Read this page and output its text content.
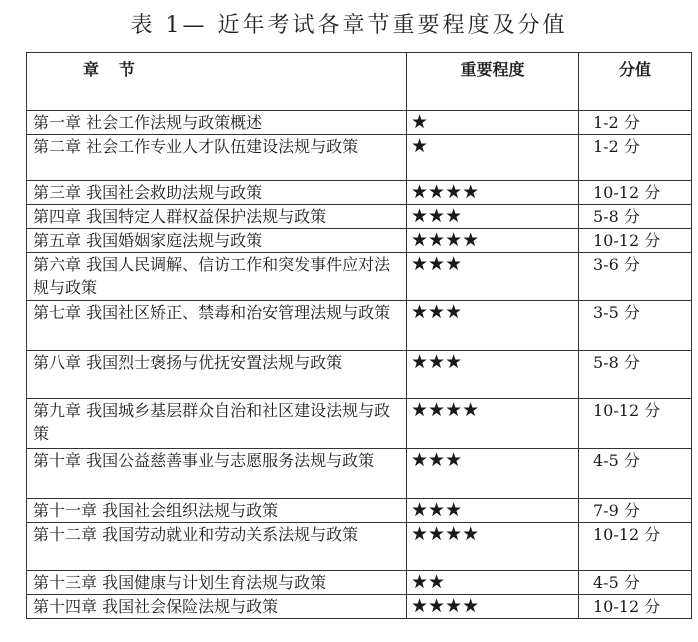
表 1— 近年考试各章节重要程度及分值
章节	重要程度	分值
第一章 社会工作法规与政策概述	★	1-2 分
第二章 社会工作专业人才队伍建设法规与政策	★	1-2 分
第三章 我国社会救助法规与政策	★★★★	10-12 分
第四章 我国特定人群权益保护法规与政策	★★★	5-8 分
第五章 我国婚姻家庭法规与政策	★★★★	10-12 分
第六章 我国人民调解、信访工作和突发事件应对法规与政策	★★★	3-6 分
第七章 我国社区矫正、禁毒和治安管理法规与政策	★★★	3-5 分
第八章 我国烈士褒扬与优抚安置法规与政策	★★★	5-8 分
第九章 我国城乡基层群众自治和社区建设法规与政策	★★★★	10-12 分
第十章 我国公益慈善事业与志愿服务法规与政策	★★★	4-5 分
第十一章 我国社会组织法规与政策	★★★	7-9 分
第十二章 我国劳动就业和劳动关系法规与政策	★★★★	10-12 分
第十三章 我国健康与计划生育法规与政策	★★	4-5 分
第十四章 我国社会保险法规与政策	★★★★	10-12 分
